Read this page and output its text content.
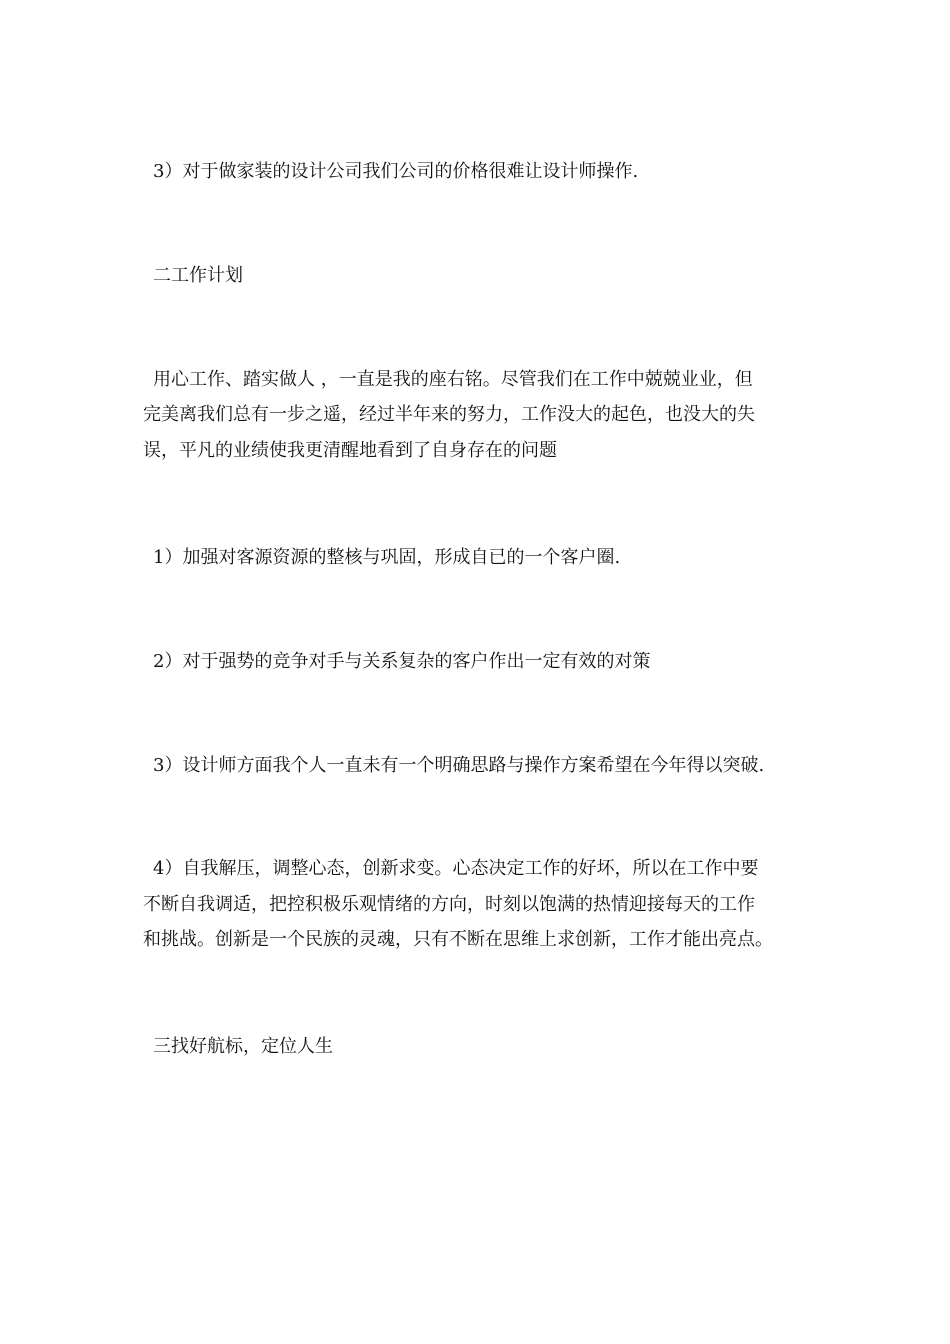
3）对于做家装的设计公司我们公司的价格很难让设计师操作.
二工作计划
用心工作、踏实做人 ，一直是我的座右铭。尽管我们在工作中兢兢业业，但
完美离我们总有一步之遥，经过半年来的努力，工作没大的起色，也没大的失
误，平凡的业绩使我更清醒地看到了自身存在的问题
1）加强对客源资源的整核与巩固，形成自已的一个客户圈.
2）对于强势的竞争对手与关系复杂的客户作出一定有效的对策
3）设计师方面我个人一直未有一个明确思路与操作方案希望在今年得以突破.
4）自我解压，调整心态，创新求变。心态决定工作的好坏，所以在工作中要
不断自我调适，把控积极乐观情绪的方向，时刻以饱满的热情迎接每天的工作
和挑战。创新是一个民族的灵魂，只有不断在思维上求创新，工作才能出亮点。
三找好航标，定位人生
